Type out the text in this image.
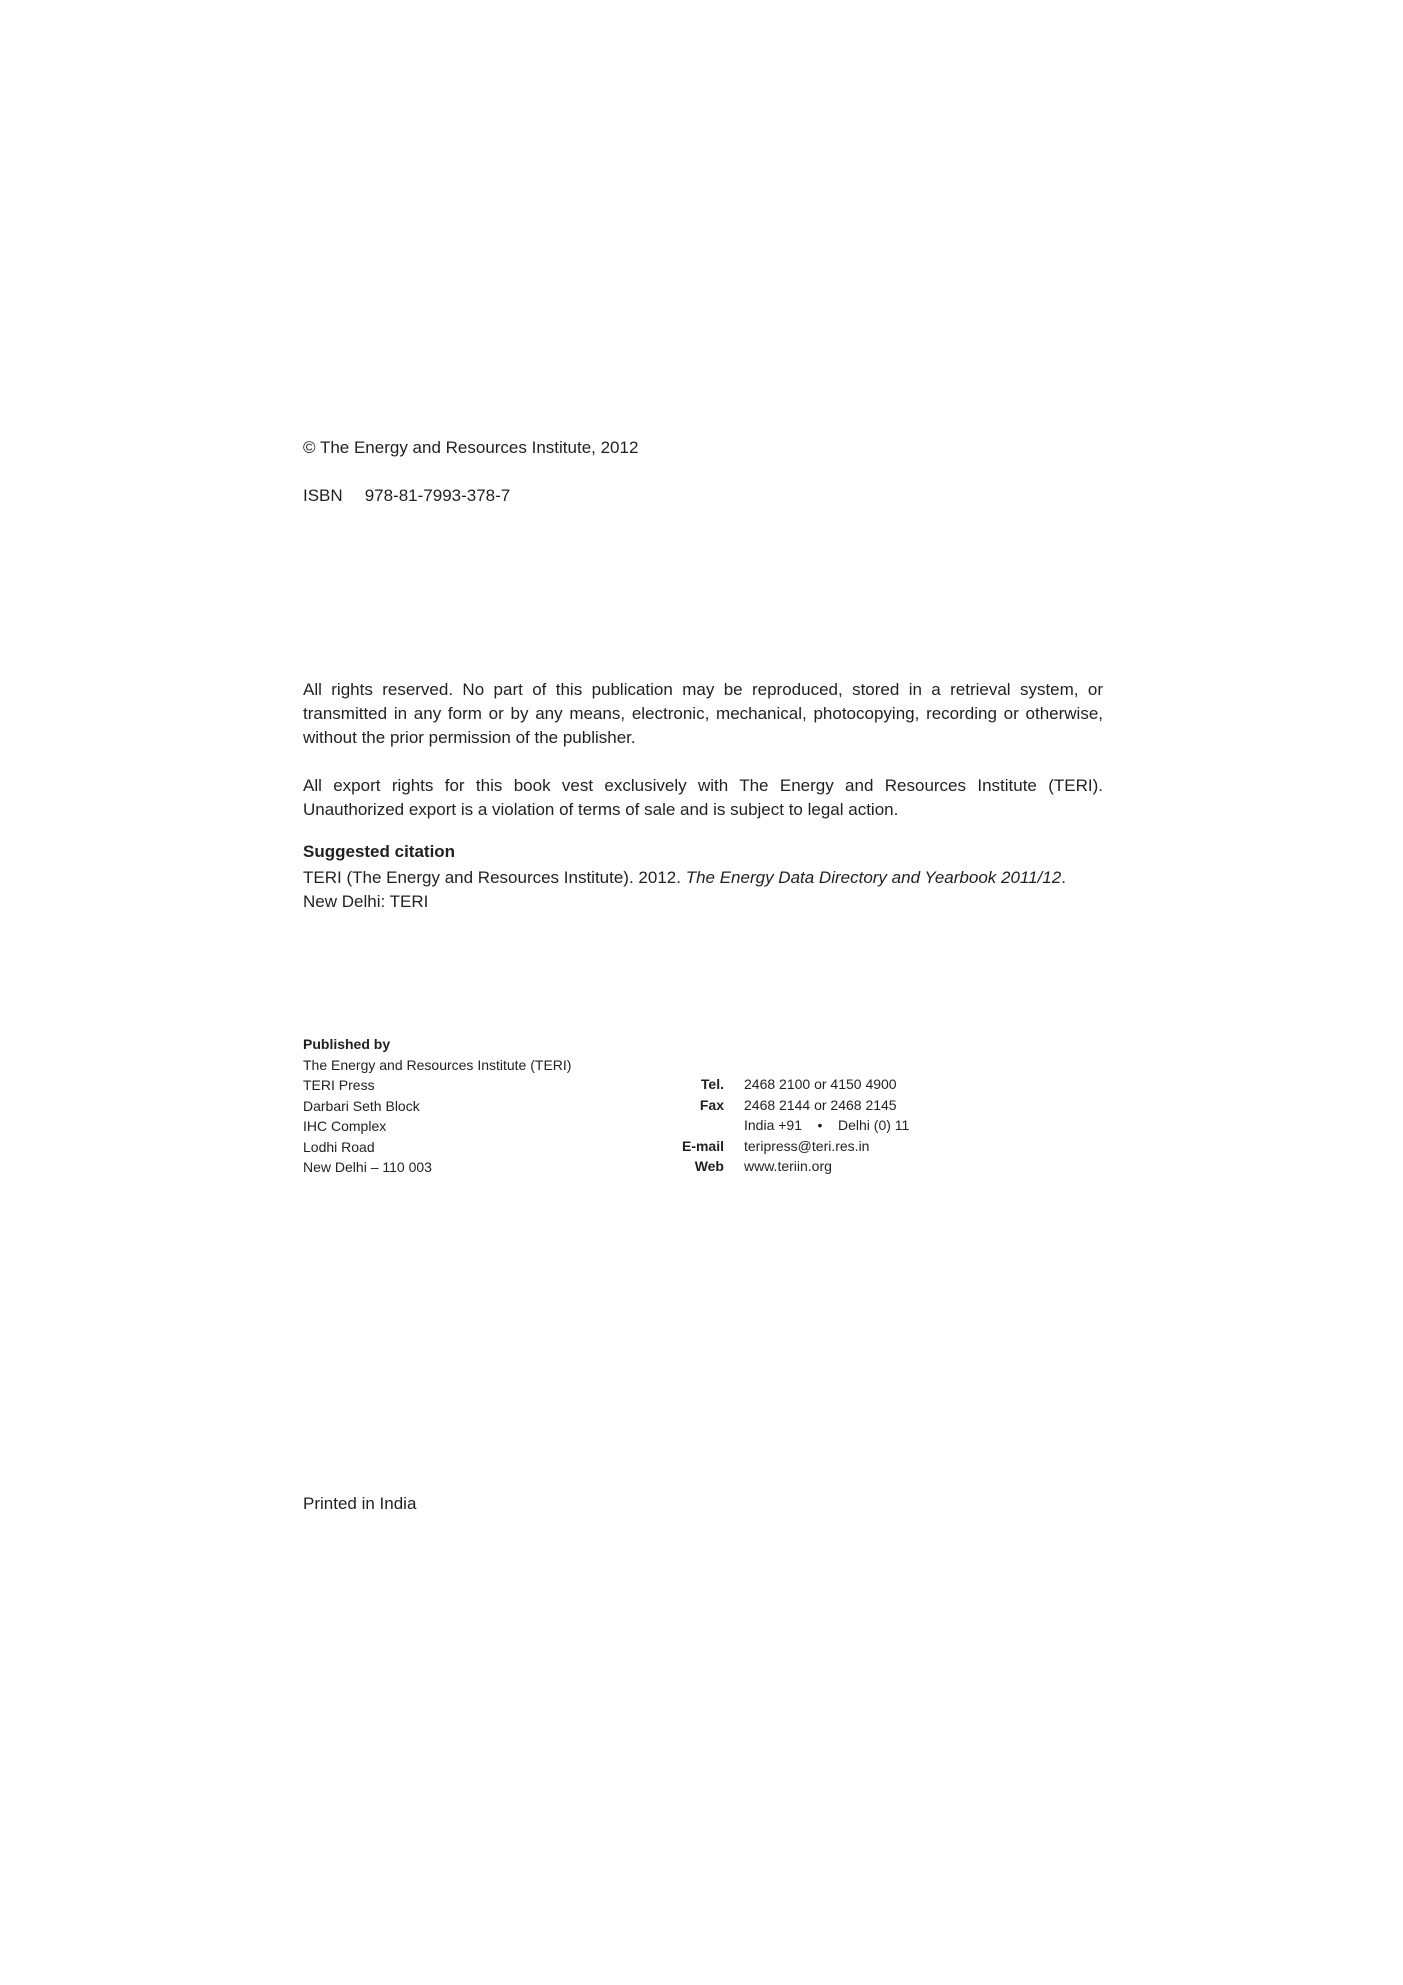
© The Energy and Resources Institute, 2012
ISBN 978-81-7993-378-7

All rights reserved. No part of this publication may be reproduced, stored in a retrieval system, or transmitted in any form or by any means, electronic, mechanical, photocopying, recording or otherwise, without the prior permission of the publisher.

All export rights for this book vest exclusively with The Energy and Resources Institute (TERI). Unauthorized export is a violation of terms of sale and is subject to legal action.

Suggested citation
TERI (The Energy and Resources Institute). 2012. The Energy Data Directory and Yearbook 2011/12.
New Delhi: TERI
Published by
The Energy and Resources Institute (TERI)
TERI Press
Darbari Seth Block
IHC Complex
Lodhi Road
New Delhi – 110 003
Tel. 2468 2100 or 4150 4900
Fax 2468 2144 or 2468 2145
India +91    •    Delhi (0) 11
E-mail teripress@teri.res.in
Web www.teriin.org
Printed in India
